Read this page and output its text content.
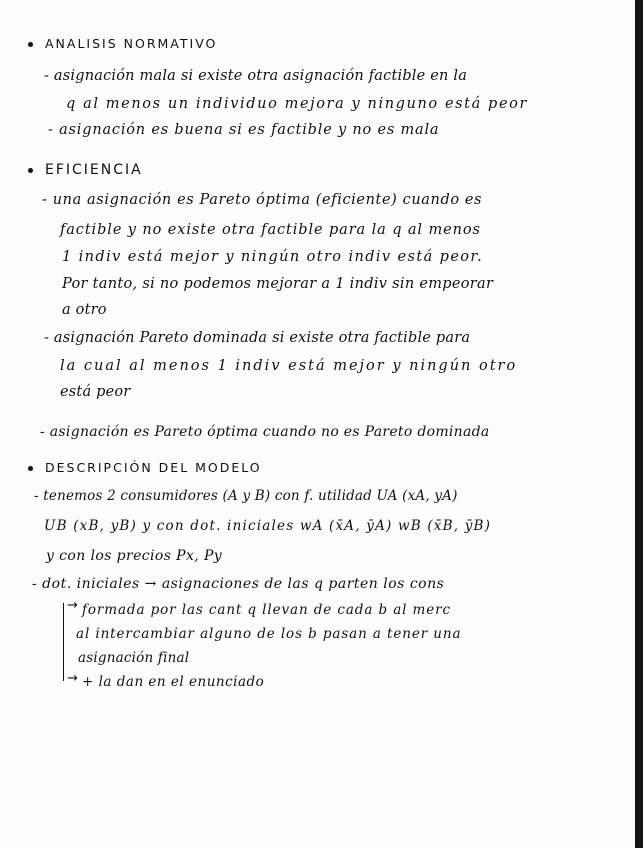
ANALISIS NORMATIVO
- asignación mala si existe otra asignación factible en la
q al menos un individuo mejora y ninguno está peor
- asignación es buena si es factible y no es mala
EFICIENCIA
- una asignación es Pareto óptima (eficiente) cuando es
factible y no existe otra factible para la q al menos
1 indiv está mejor y ningún otro indiv está peor.
Por tanto, si no podemos mejorar a 1 indiv sin empeorar
a otro
- asignación Pareto dominada si existe otra factible para
la cual al menos 1 indiv está mejor y ningún otro
está peor
- asignación es Pareto óptima cuando no es Pareto dominada
DESCRIPCIÓN DEL MODELO
- tenemos 2 consumidores (A y B) con f. utilidad UA (xA, yA)
UB (xB, yB) y con dot. iniciales wA (x̄A, ȳA) wB (x̄B, ȳB)
y con los precios Px, Py
- dot. iniciales → asignaciones de las q parten los cons
→
→
formada por las cant q llevan de cada b al merc
al intercambiar alguno de los b pasan a tener una
asignación final
+ la dan en el enunciado
